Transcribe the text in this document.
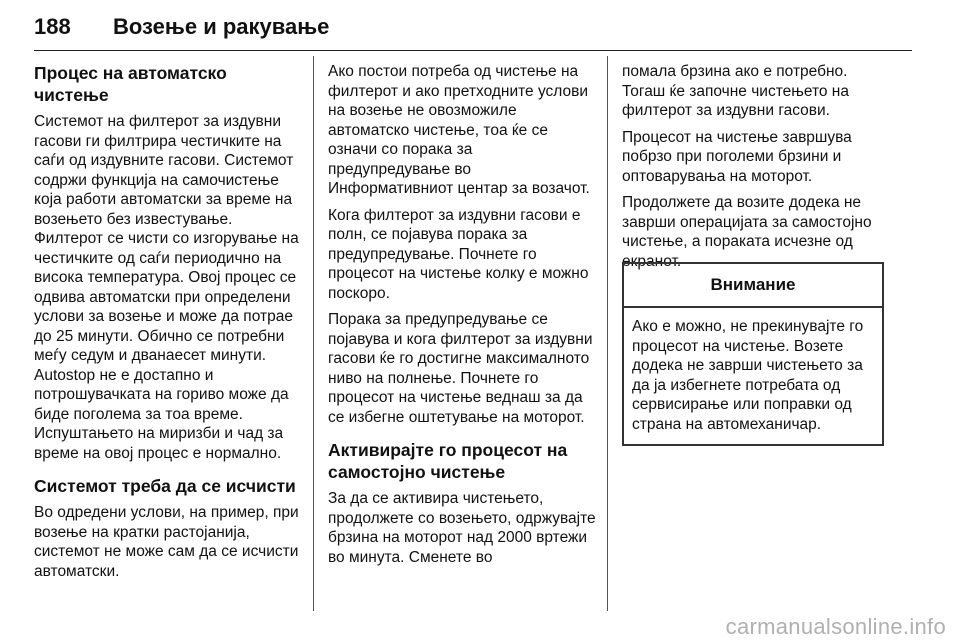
188 Возење и ракување
Процес на автоматско чистење

Системот на филтерот за издувни гасови ги филтрира честичките на саѓи од издувните гасови. Системот содржи функција на самочистење која работи автоматски за време на возењето без известување. Филтерот се чисти со изгорување на честичките од саѓи периодично на висока температура. Овој процес се одвива автоматски при определени услови за возење и може да потрае до 25 минути. Обично се потребни меѓу седум и дванаесет минути. Autostop не е достапно и потрошувачката на гориво може да биде поголема за тоа време. Испуштањето на миризби и чад за време на овој процес е нормално.

Системот треба да се исчисти

Во одредени услови, на пример, при возење на кратки растојанија, системот не може сам да се исчисти автоматски.

Ако постои потреба од чистење на филтерот и ако претходните услови на возење не овозможиле автоматско чистење, тоа ќе се означи со порака за предупредување во Информативниот центар за возачот.

Кога филтерот за издувни гасови е полн, се појавува порака за предупредување. Почнете го процесот на чистење колку е можно поскоро.

Порака за предупредување се појавува и кога филтерот за издувни гасови ќе го достигне максималното ниво на полнење. Почнете го процесот на чистење веднаш за да се избегне оштетување на моторот.

Активирајте го процесот на самостојно чистење

За да се активира чистењето, продолжете со возењето, одржувајте брзина на моторот над 2000 вртежи во минута. Сменете во

помала брзина ако е потребно. Тогаш ќе започне чистењето на филтерот за издувни гасови.

Процесот на чистење завршува побрзо при поголеми брзини и оптоварувања на моторот.

Продолжете да возите додека не заврши операцијата за самостојно чистење, а пораката исчезне од екранот.

Внимание
Ако е можно, не прекинувајте го процесот на чистење. Возете додека не заврши чистењето за да ја избегнете потребата од сервисирање или поправки од страна на автомеханичар.
carmanualsonline.info
